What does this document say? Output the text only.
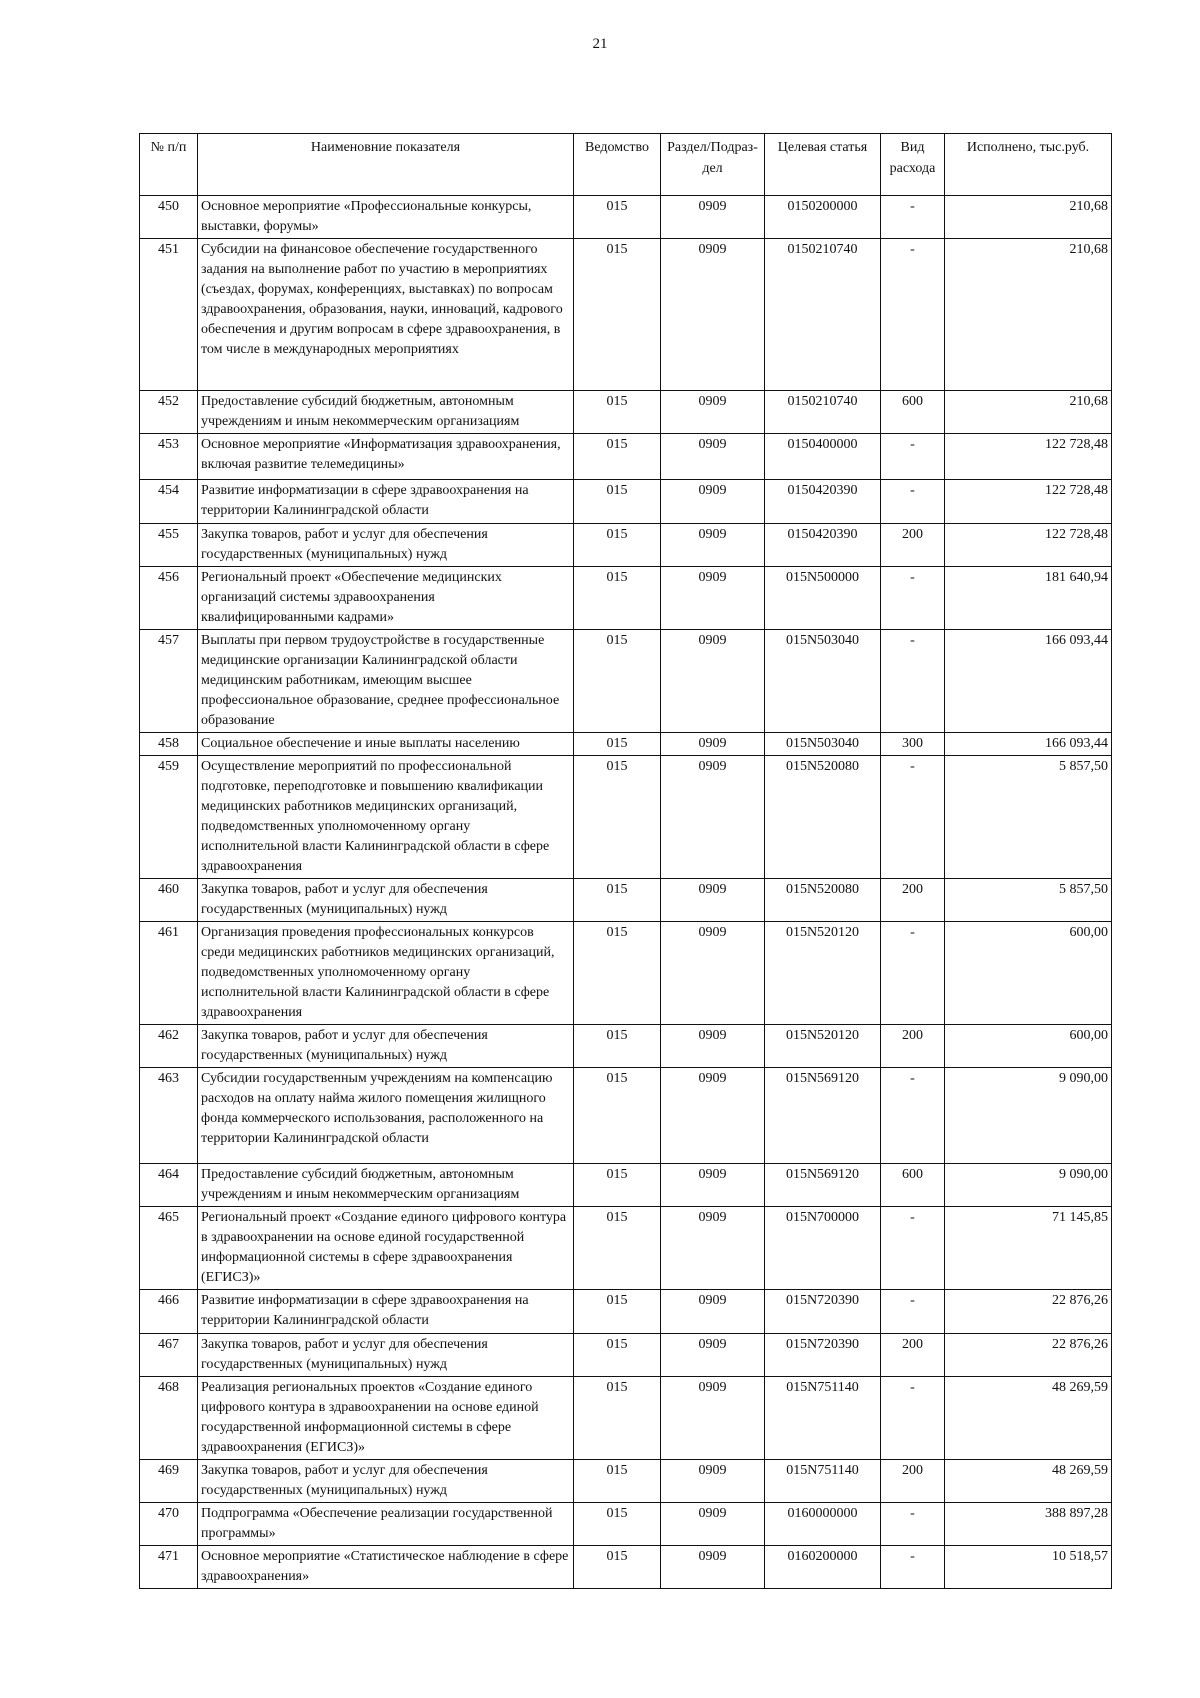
21
№ п/п	Наименовние показателя	Ведомство	Раздел/Подраз-дел	Целевая статья	Вид расхода	Исполнено, тыс.руб.
450	Основное мероприятие «Профессиональные конкурсы, выставки, форумы»	015	0909	0150200000	-	210,68
451	Субсидии на финансовое обеспечение государственного задания на выполнение работ по участию в мероприятиях (съездах, форумах, конференциях, выставках) по вопросам здравоохранения, образования, науки, инноваций, кадрового обеспечения и другим вопросам в сфере здравоохранения, в том числе в международных мероприятиях	015	0909	0150210740	-	210,68
452	Предоставление субсидий бюджетным, автономным учреждениям и иным некоммерческим организациям	015	0909	0150210740	600	210,68
453	Основное мероприятие «Информатизация здравоохранения, включая развитие телемедицины»	015	0909	0150400000	-	122 728,48
454	Развитие информатизации в сфере здравоохранения на территории Калининградской области	015	0909	0150420390	-	122 728,48
455	Закупка товаров, работ и услуг для обеспечения государственных (муниципальных) нужд	015	0909	0150420390	200	122 728,48
456	Региональный проект «Обеспечение медицинских организаций системы здравоохранения квалифицированными кадрами»	015	0909	015N500000	-	181 640,94
457	Выплаты при первом трудоустройстве в государственные медицинские организации Калининградской области медицинским работникам, имеющим высшее профессиональное образование, среднее профессиональное образование	015	0909	015N503040	-	166 093,44
458	Социальное обеспечение и иные выплаты населению	015	0909	015N503040	300	166 093,44
459	Осуществление мероприятий по профессиональной подготовке, переподготовке и повышению квалификации медицинских работников медицинских организаций, подведомственных уполномоченному органу исполнительной власти Калининградской области в сфере здравоохранения	015	0909	015N520080	-	5 857,50
460	Закупка товаров, работ и услуг для обеспечения государственных (муниципальных) нужд	015	0909	015N520080	200	5 857,50
461	Организация проведения профессиональных конкурсов среди медицинских работников медицинских организаций, подведомственных уполномоченному органу исполнительной власти Калининградской области в сфере здравоохранения	015	0909	015N520120	-	600,00
462	Закупка товаров, работ и услуг для обеспечения государственных (муниципальных) нужд	015	0909	015N520120	200	600,00
463	Субсидии государственным учреждениям на компенсацию расходов на оплату найма жилого помещения жилищного фонда коммерческого использования, расположенного на территории Калининградской области	015	0909	015N569120	-	9 090,00
464	Предоставление субсидий бюджетным, автономным учреждениям и иным некоммерческим организациям	015	0909	015N569120	600	9 090,00
465	Региональный проект «Создание единого цифрового контура в здравоохранении на основе единой государственной информационной системы в сфере здравоохранения (ЕГИСЗ)»	015	0909	015N700000	-	71 145,85
466	Развитие информатизации в сфере здравоохранения на территории Калининградской области	015	0909	015N720390	-	22 876,26
467	Закупка товаров, работ и услуг для обеспечения государственных (муниципальных) нужд	015	0909	015N720390	200	22 876,26
468	Реализация региональных проектов «Создание единого цифрового контура в здравоохранении на основе единой государственной информационной системы в сфере здравоохранения (ЕГИСЗ)»	015	0909	015N751140	-	48 269,59
469	Закупка товаров, работ и услуг для обеспечения государственных (муниципальных) нужд	015	0909	015N751140	200	48 269,59
470	Подпрограмма «Обеспечение реализации государственной программы»	015	0909	0160000000	-	388 897,28
471	Основное мероприятие «Статистическое наблюдение в сфере здравоохранения»	015	0909	0160200000	-	10 518,57
